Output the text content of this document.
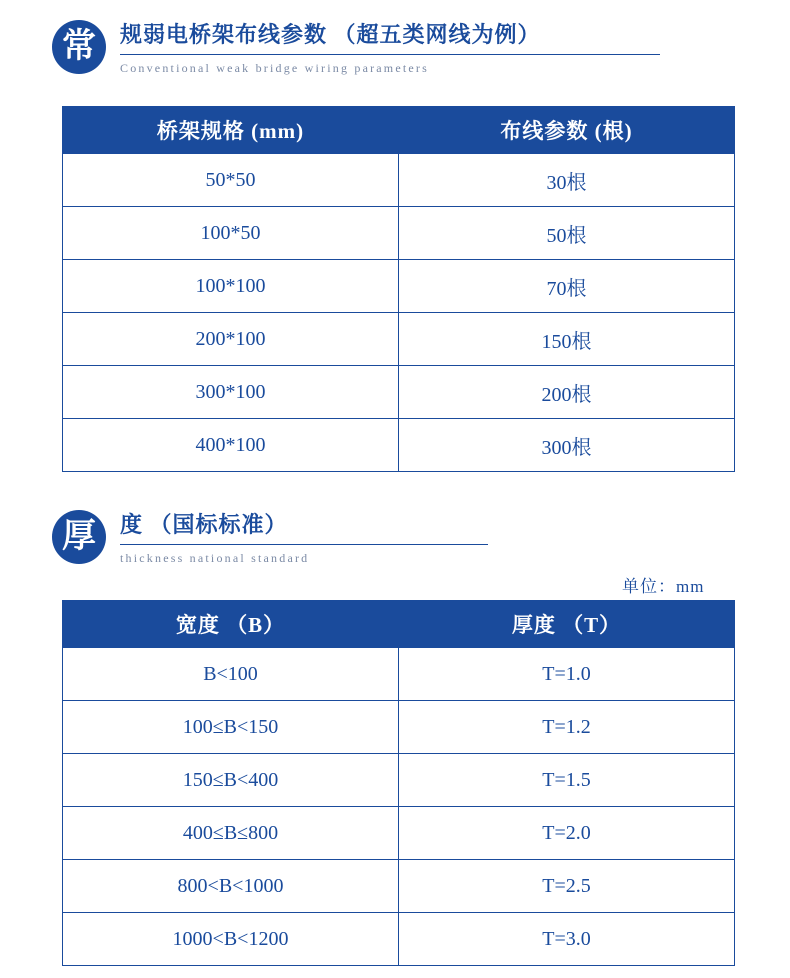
常	规弱电桥架布线参数 （超五类网线为例）
Conventional weak bridge wiring parameters
桥架规格 (mm)	布线参数 (根)
50*50	30根
100*50	50根
100*100	70根
200*100	150根
300*100	200根
400*100	300根
厚	度 （国标标准）
thickness national standard
单位：mm
宽度 （B）	厚度 （T）
B<100	T=1.0
100≤B<150	T=1.2
150≤B<400	T=1.5
400≤B≤800	T=2.0
800<B<1000	T=2.5
1000<B<1200	T=3.0
